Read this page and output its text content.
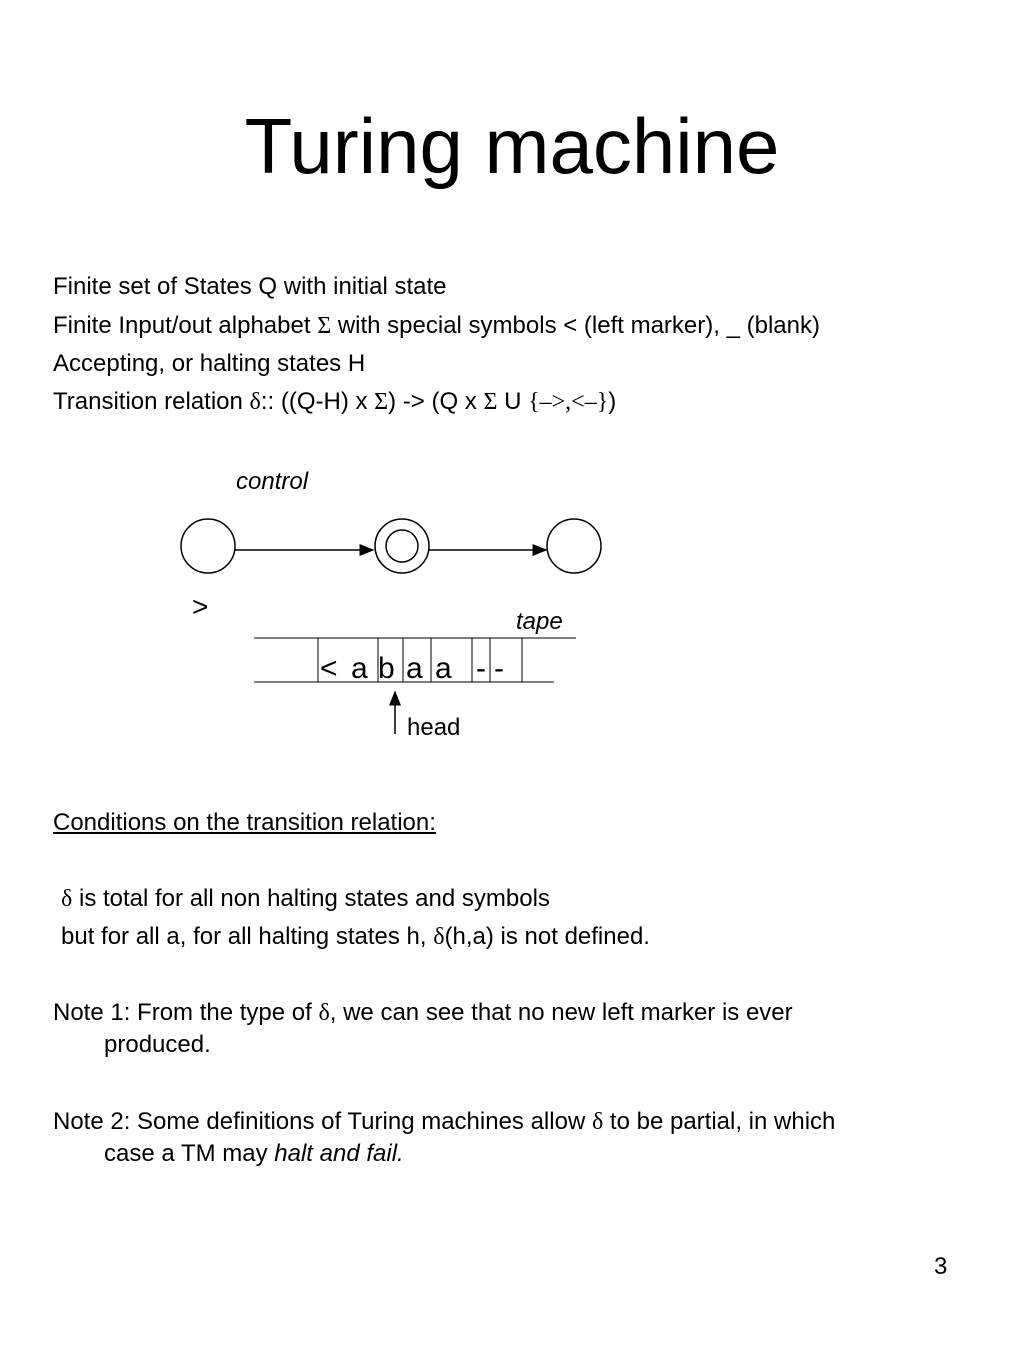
Turing machine
Finite set of States Q with initial state
Finite Input/out alphabet Σ with special symbols < (left marker), _ (blank)
Accepting, or halting states H
Transition relation δ:: ((Q-H) x Σ) -> (Q x Σ U {–>,<–})
control
>	tape
< a b a a - -
head
Conditions on the transition relation:
δ is total for all non halting states and symbols
but for all a, for all halting states h, δ(h,a) is not defined.
Note 1: From the type of δ, we can see that no new left marker is ever
produced.
Note 2: Some definitions of Turing machines allow δ to be partial, in which
case a TM may halt and fail.
3
